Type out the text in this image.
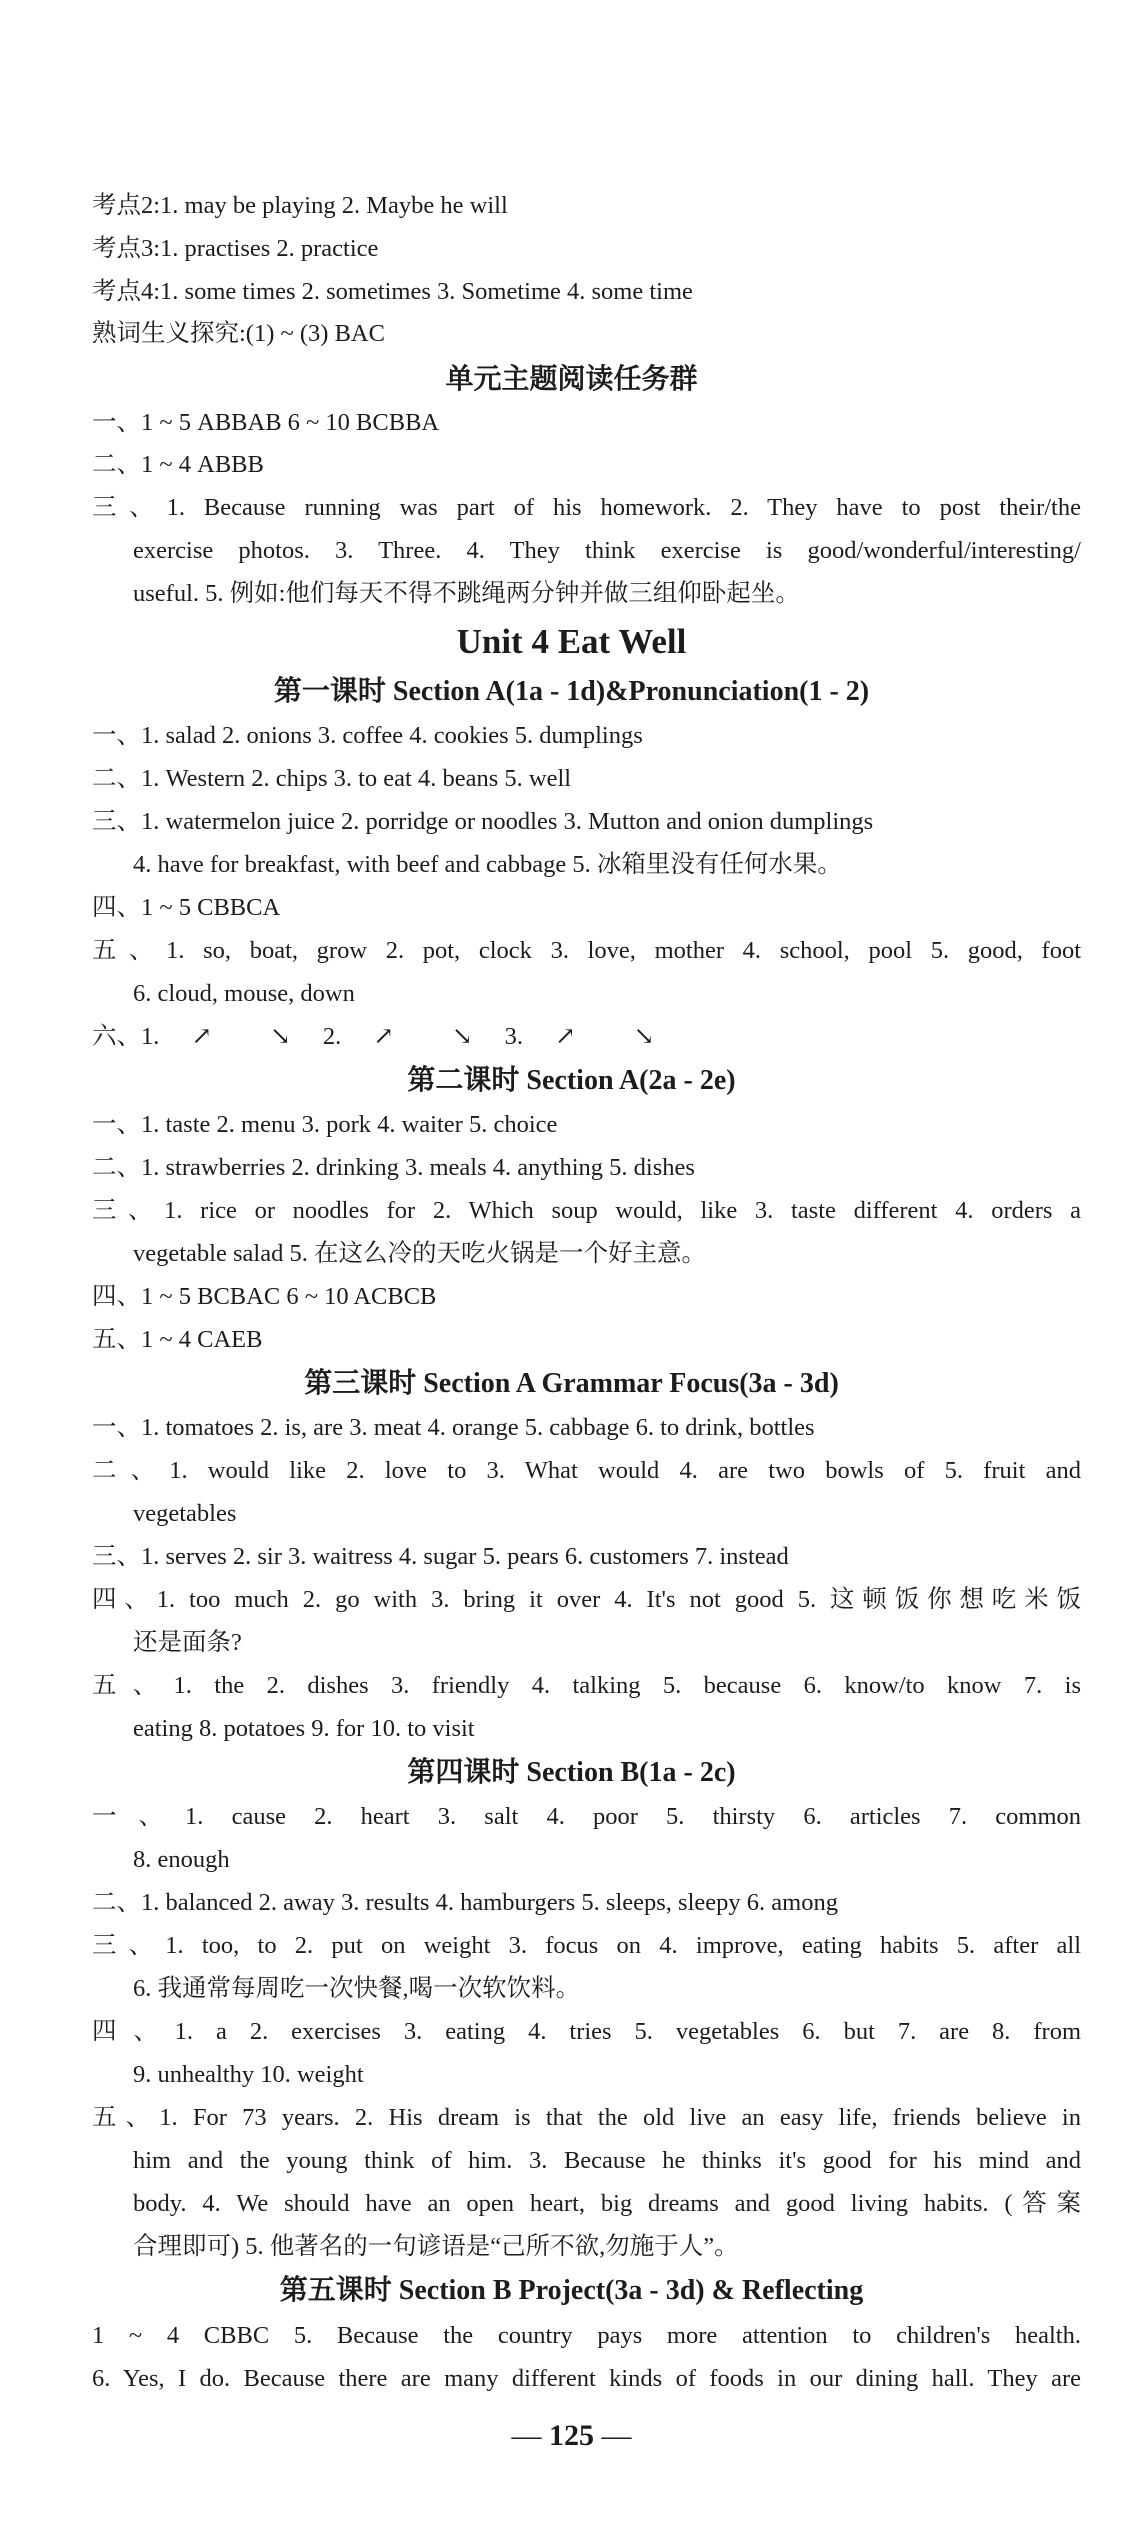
考点2:1. may be playing 2. Maybe he will
考点3:1. practises 2. practice
考点4:1. some times 2. sometimes 3. Sometime 4. some time
熟词生义探究:(1) ~ (3) BAC
单元主题阅读任务群
一、1 ~ 5 ABBAB 6 ~ 10 BCBBA
二、1 ~ 4 ABBB
三、1. Because running was part of his homework. 2. They have to post their/the
exercise photos. 3. Three. 4. They think exercise is good/wonderful/interesting/
useful. 5. 例如:他们每天不得不跳绳两分钟并做三组仰卧起坐。
Unit 4 Eat Well
第一课时 Section A(1a - 1d)&Pronunciation(1 - 2)
一、1. salad 2. onions 3. coffee 4. cookies 5. dumplings
二、1. Western 2. chips 3. to eat 4. beans 5. well
三、1. watermelon juice 2. porridge or noodles 3. Mutton and onion dumplings
4. have for breakfast, with beef and cabbage 5. 冰箱里没有任何水果。
四、1 ~ 5 CBBCA
五、1. so, boat, grow 2. pot, clock 3. love, mother 4. school, pool 5. good, foot
6. cloud, mouse, down
六、1. ↗ ↘ 2. ↗ ↘ 3. ↗ ↘
第二课时 Section A(2a - 2e)
一、1. taste 2. menu 3. pork 4. waiter 5. choice
二、1. strawberries 2. drinking 3. meals 4. anything 5. dishes
三、1. rice or noodles for 2. Which soup would, like 3. taste different 4. orders a
vegetable salad 5. 在这么冷的天吃火锅是一个好主意。
四、1 ~ 5 BCBAC 6 ~ 10 ACBCB
五、1 ~ 4 CAEB
第三课时 Section A Grammar Focus(3a - 3d)
一、1. tomatoes 2. is, are 3. meat 4. orange 5. cabbage 6. to drink, bottles
二、1. would like 2. love to 3. What would 4. are two bowls of 5. fruit and
vegetables
三、1. serves 2. sir 3. waitress 4. sugar 5. pears 6. customers 7. instead
四、1. too much 2. go with 3. bring it over 4. It's not good 5. 这顿饭你想吃米饭
还是面条?
五、1. the 2. dishes 3. friendly 4. talking 5. because 6. know/to know 7. is
eating 8. potatoes 9. for 10. to visit
第四课时 Section B(1a - 2c)
一、1. cause 2. heart 3. salt 4. poor 5. thirsty 6. articles 7. common
8. enough
二、1. balanced 2. away 3. results 4. hamburgers 5. sleeps, sleepy 6. among
三、1. too, to 2. put on weight 3. focus on 4. improve, eating habits 5. after all
6. 我通常每周吃一次快餐,喝一次软饮料。
四、1. a 2. exercises 3. eating 4. tries 5. vegetables 6. but 7. are 8. from
9. unhealthy 10. weight
五、1. For 73 years. 2. His dream is that the old live an easy life, friends believe in
him and the young think of him. 3. Because he thinks it's good for his mind and
body. 4. We should have an open heart, big dreams and good living habits. (答案
合理即可) 5. 他著名的一句谚语是“己所不欲,勿施于人”。
第五课时 Section B Project(3a - 3d) & Reflecting
1 ~ 4 CBBC 5. Because the country pays more attention to children's health.
6. Yes, I do. Because there are many different kinds of foods in our dining hall. They are
— 125 —
